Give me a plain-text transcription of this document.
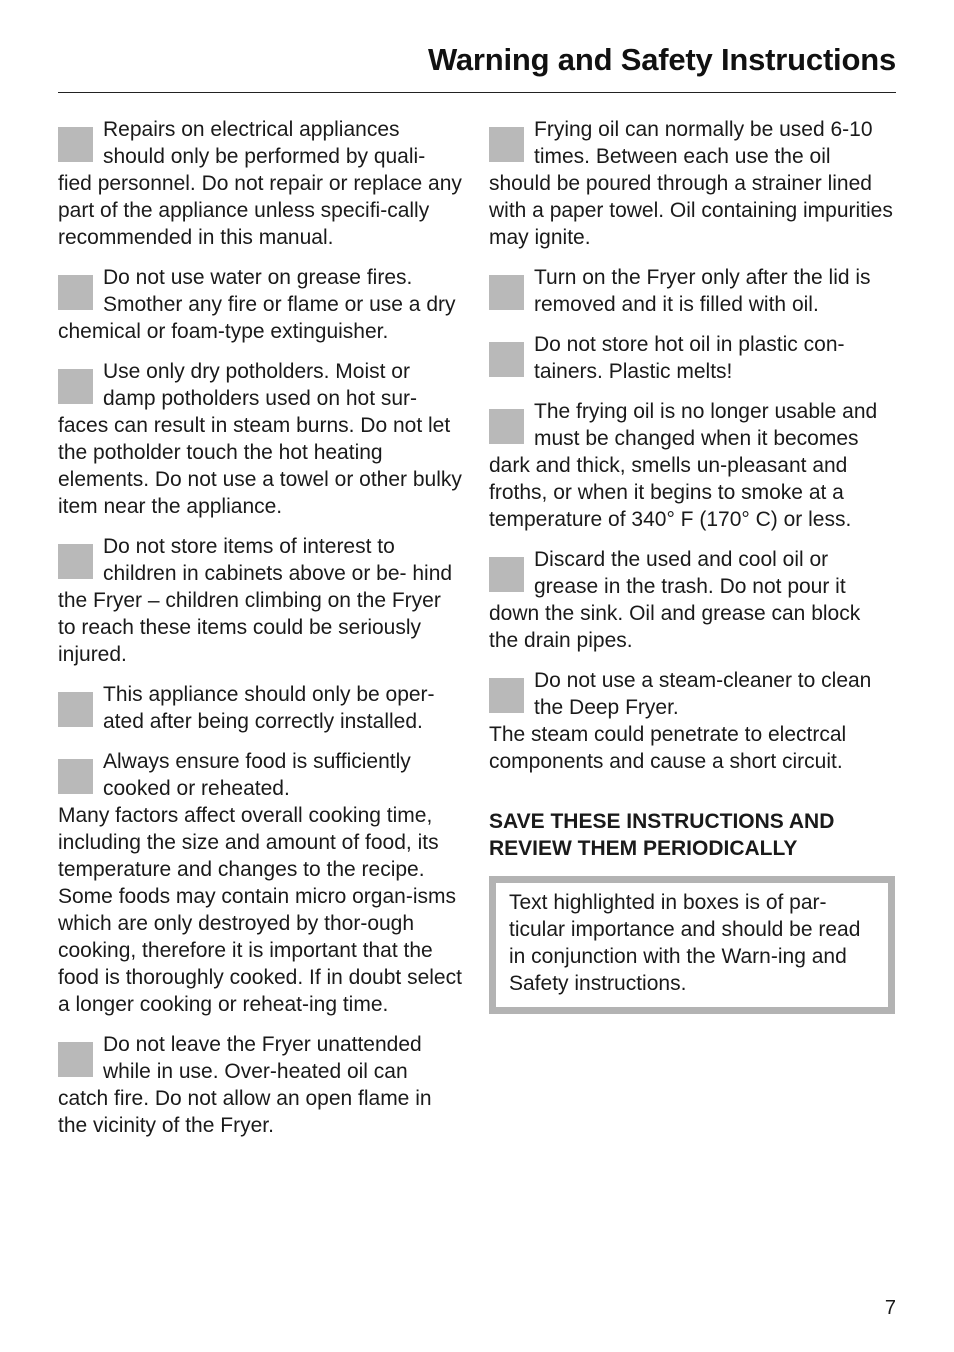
Warning and Safety Instructions

Repairs on electrical appliances should only be performed by quali- fied personnel. Do not repair or replace any part of the appliance unless specifi-cally recommended in this manual.

Do not use water on grease fires. Smother any fire or flame or use a dry chemical or foam-type extinguisher.

Use only dry potholders. Moist or damp potholders used on hot sur- faces can result in steam burns. Do not let the potholder touch the hot heating elements. Do not use a towel or other bulky item near the appliance.

Do not store items of interest to children in cabinets above or be- hind the Fryer – children climbing on the Fryer to reach these items could be seriously injured.

This appliance should only be oper-ated after being correctly installed.

Always ensure food is sufficiently cooked or reheated.

Many factors affect overall cooking time, including the size and amount of food, its temperature and changes to the recipe.

Some foods may contain micro organ-isms which are only destroyed by thor-ough cooking, therefore it is important that the food is thoroughly cooked. If in doubt select a longer cooking or reheat-ing time.

Do not leave the Fryer unattended while in use. Over-heated oil can catch fire. Do not allow an open flame in the vicinity of the Fryer.

Frying oil can normally be used 6-10 times. Between each use the oil should be poured through a strainer lined with a paper towel. Oil containing impurities may ignite.

Turn on the Fryer only after the lid is removed and it is filled with oil.

Do not store hot oil in plastic con-tainers. Plastic melts!

The frying oil is no longer usable and must be changed when it becomes dark and thick, smells un-pleasant and froths, or when it begins to smoke at a temperature of 340° F (170° C) or less.

Discard the used and cool oil or grease in the trash. Do not pour it down the sink. Oil and grease can block the drain pipes.

Do not use a steam-cleaner to clean the Deep Fryer.

The steam could penetrate to electrcal components and cause a short circuit.

SAVE THESE INSTRUCTIONS AND REVIEW THEM PERIODICALLY

Text highlighted in boxes is of par-ticular importance and should be read in conjunction with the Warn-ing and Safety instructions.
7
